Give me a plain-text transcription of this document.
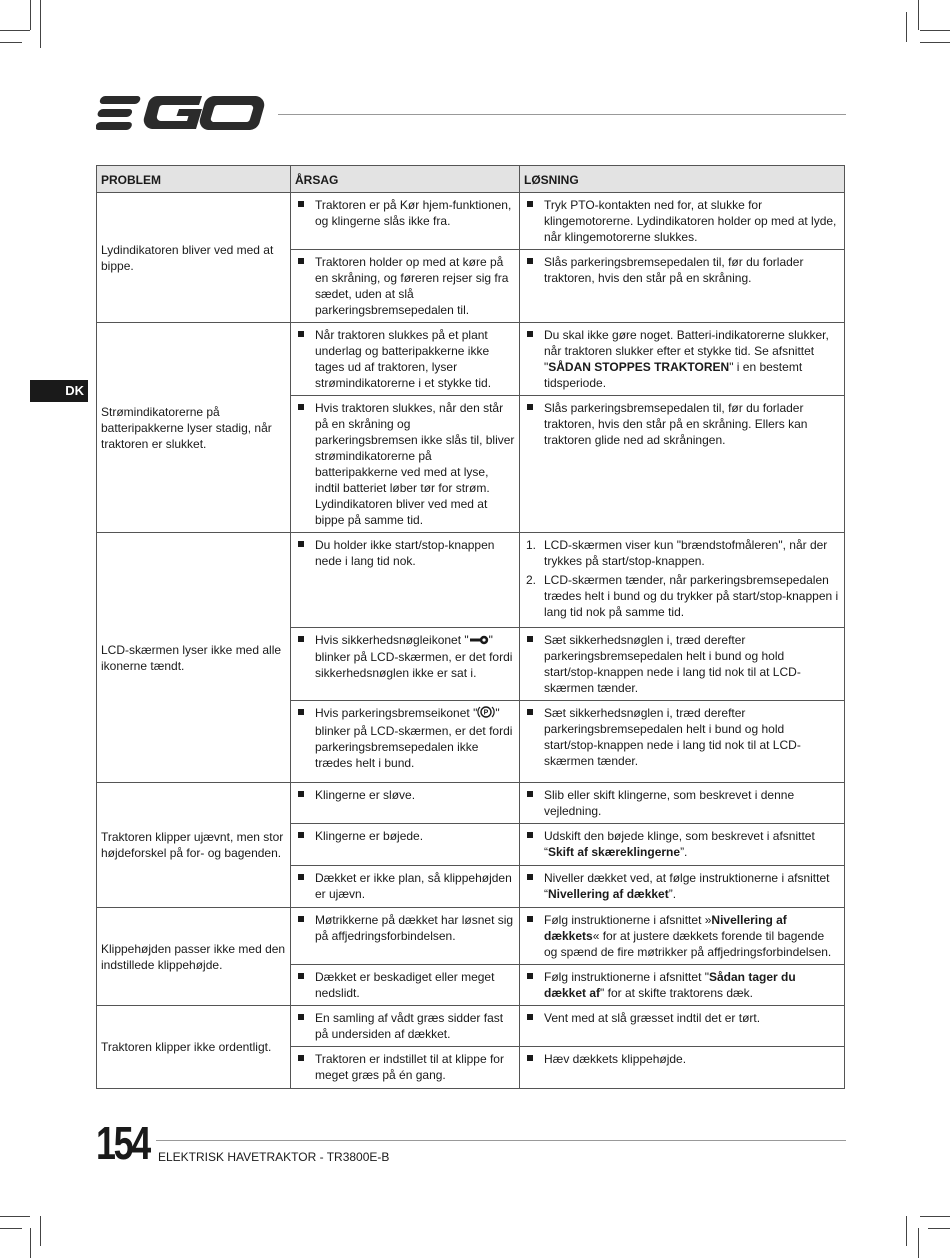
DK
PROBLEM	ÅRSAG	LØSNING
Lydindikatoren bliver ved med at bippe.	Traktoren er på Kør hjem-funktionen, og klingerne slås ikke fra.	Tryk PTO-kontakten ned for, at slukke for klingemotorerne. Lydindikatoren holder op med at lyde, når klingemotorerne slukkes.

	Traktoren holder op med at køre på en skråning, og føreren rejser sig fra sædet, uden at slå parkeringsbremsepedalen til.	Slås parkeringsbremsepedalen til, før du forlader traktoren, hvis den står på en skråning.

Strømindikatorerne på batteripakkerne lyser stadig, når traktoren er slukket.	Når traktoren slukkes på et plant underlag og batteripakkerne ikke tages ud af traktoren, lyser strømindikatorerne i et stykke tid.	Du skal ikke gøre noget. Batteri-indikatorerne slukker, når traktoren slukker efter et stykke tid. Se afsnittet "SÅDAN STOPPES TRAKTOREN" i en bestemt tidsperiode.

	Hvis traktoren slukkes, når den står på en skråning og parkeringsbremsen ikke slås til, bliver strømindikatorerne på batteripakkerne ved med at lyse, indtil batteriet løber tør for strøm. Lydindikatoren bliver ved med at bippe på samme tid.	Slås parkeringsbremsepedalen til, før du forlader traktoren, hvis den står på en skråning. Ellers kan traktoren glide ned ad skråningen.

LCD-skærmen lyser ikke med alle ikonerne tændt.	Du holder ikke start/stop-knappen nede i lang tid nok.	1. LCD-skærmen viser kun "brændstofmåleren", når der trykkes på start/stop-knappen.
2. LCD-skærmen tænder, når parkeringsbremsepedalen trædes helt i bund og du trykker på start/stop-knappen i lang tid nok på samme tid.

	Hvis sikkerhedsnøgleikonet " " blinker på LCD-skærmen, er det fordi sikkerhedsnøglen ikke er sat i.	Sæt sikkerhedsnøglen i, træd derefter parkeringsbremsepedalen helt i bund og hold start/stop-knappen nede i lang tid nok til at LCD-skærmen tænder.

	Hvis parkeringsbremseikonet " P " blinker på LCD-skærmen, er det fordi parkeringsbremsepedalen ikke trædes helt i bund.	Sæt sikkerhedsnøglen i, træd derefter parkeringsbremsepedalen helt i bund og hold start/stop-knappen nede i lang tid nok til at LCD-skærmen tænder.

Traktoren klipper ujævnt, men stor højdeforskel på for- og bagenden.	Klingerne er sløve.	Slib eller skift klingerne, som beskrevet i denne vejledning.

	Klingerne er bøjede.	Udskift den bøjede klinge, som beskrevet i afsnittet “Skift af skæreklingerne”.

	Dækket er ikke plan, så klippehøjden er ujævn.	Niveller dækket ved, at følge instruktionerne i afsnittet “Nivellering af dækket”.

Klippehøjden passer ikke med den indstillede klippehøjde.	Møtrikkerne på dækket har løsnet sig på affjedringsforbindelsen.	Følg instruktionerne i afsnittet »Nivellering af dækkets« for at justere dækkets forende til bagende og spænd de fire møtrikker på affjedringsforbindelsen.

	Dækket er beskadiget eller meget nedslidt.	Følg instruktionerne i afsnittet "Sådan tager du dækket af" for at skifte traktorens dæk.

Traktoren klipper ikke ordentligt.	En samling af vådt græs sidder fast på undersiden af dækket.	Vent med at slå græsset indtil det er tørt.

	Traktoren er indstillet til at klippe for meget græs på én gang.	Hæv dækkets klippehøjde.
154 ELEKTRISK HAVETRAKTOR - TR3800E-B
